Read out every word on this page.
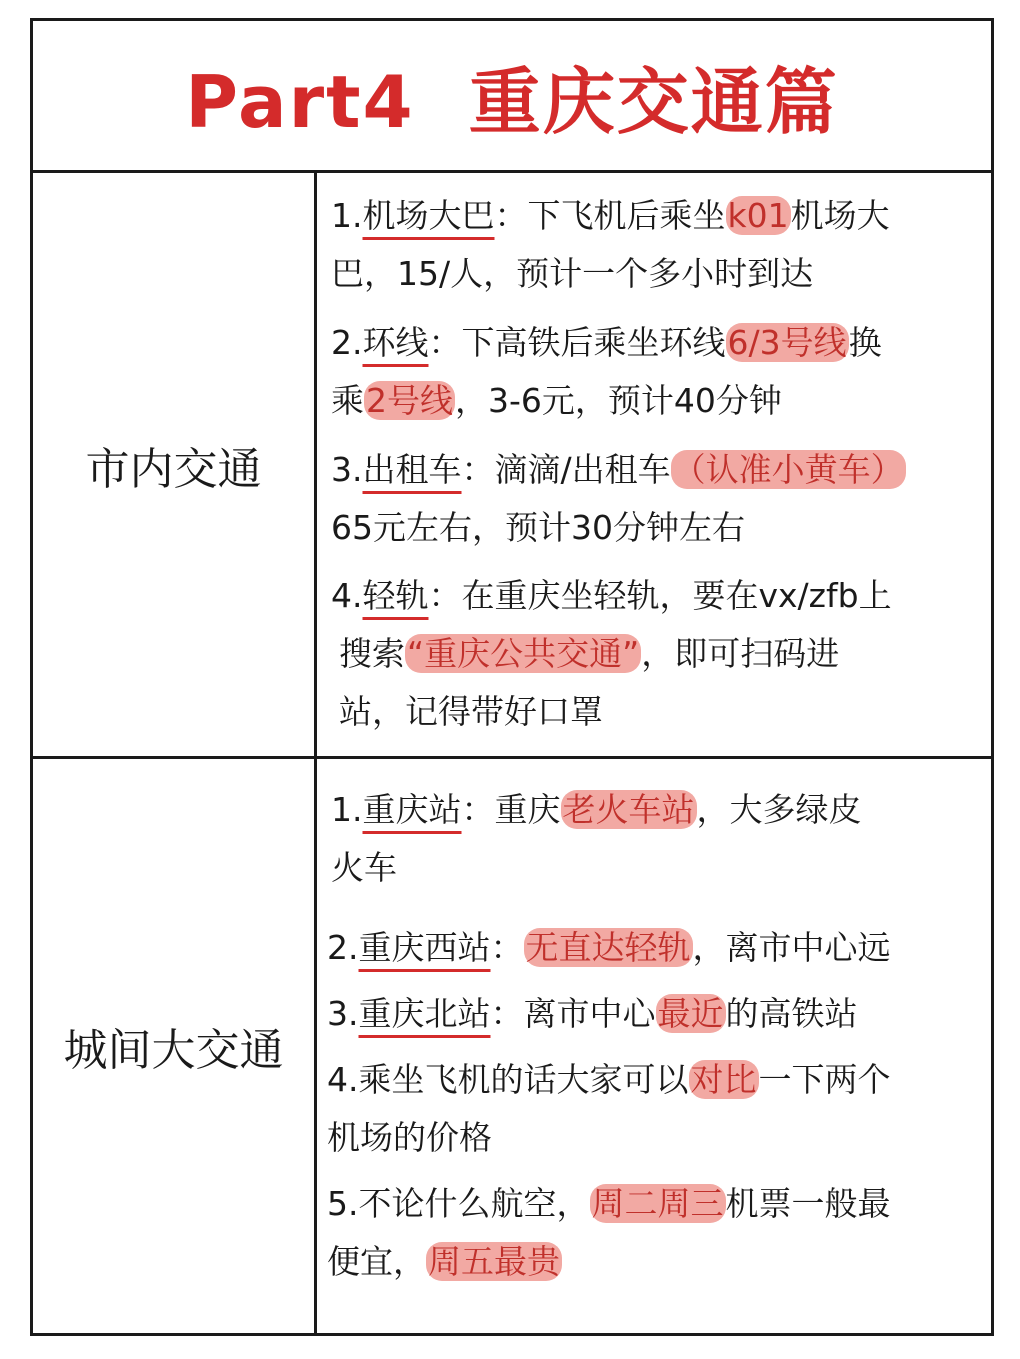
Part4  重庆交通篇
市内交通
1.机场大巴：下飞机后乘坐k01机场大
巴，15/人，预计一个多小时到达
2.环线：下高铁后乘坐环线6/3号线换
乘2号线，3-6元，预计40分钟
3.出租车：滴滴/出租车（认准小黄车）
65元左右，预计30分钟左右
4.轻轨：在重庆坐轻轨，要在vx/zfb上
搜索“重庆公共交通”，即可扫码进
站，记得带好口罩
城间大交通
1.重庆站：重庆老火车站，大多绿皮
火车
2.重庆西站：无直达轻轨，离市中心远
3.重庆北站：离市中心最近的高铁站
4.乘坐飞机的话大家可以对比一下两个
机场的价格
5.不论什么航空，周二周三机票一般最
便宜，周五最贵
